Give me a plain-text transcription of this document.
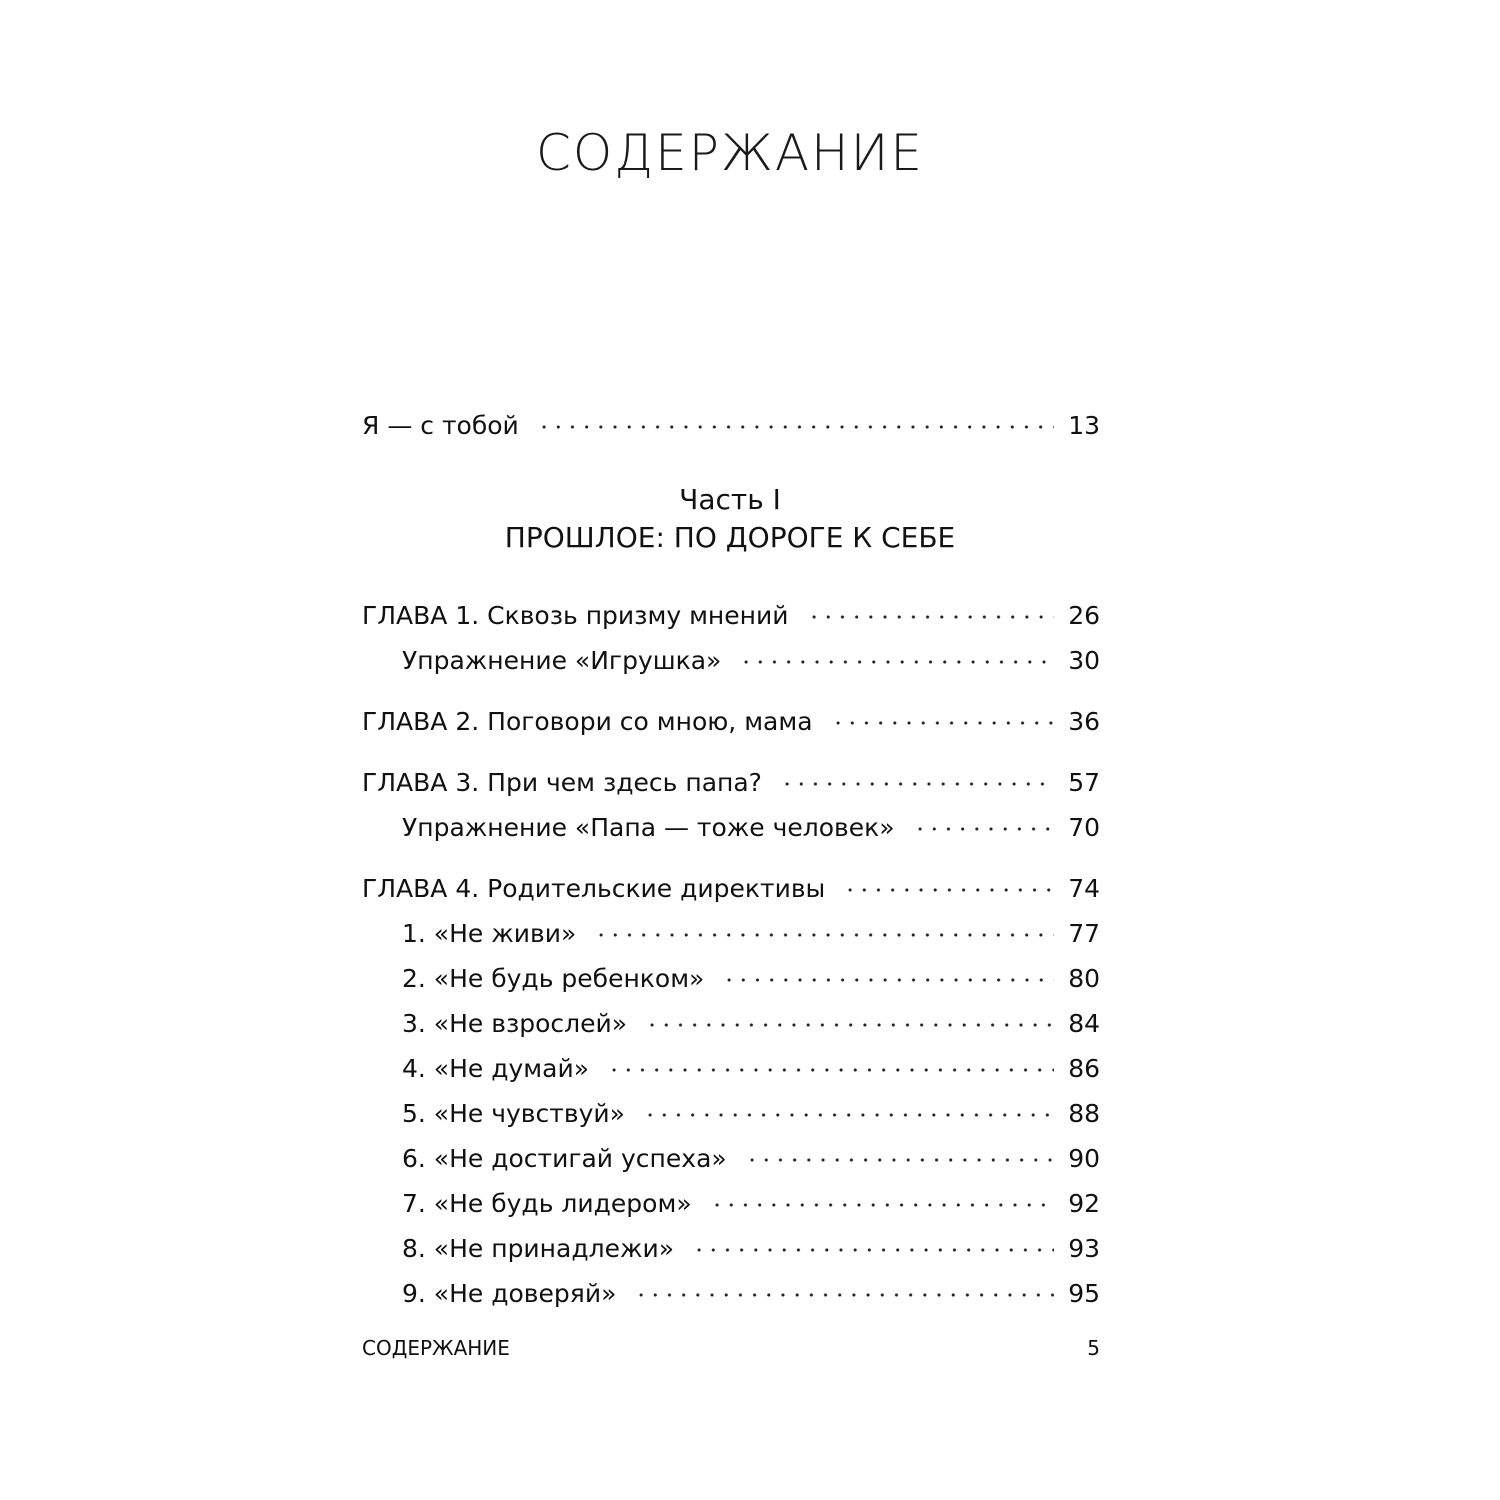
СОДЕРЖАНИЕ
Я — с тобой	13
Часть I
ПРОШЛОЕ: ПО ДОРОГЕ К СЕБЕ
ГЛАВА 1. Сквозь призму мнений	26
Упражнение «Игрушка»	30
ГЛАВА 2. Поговори со мною, мама	36
ГЛАВА 3. При чем здесь папа?	57
Упражнение «Папа — тоже человек»	70
ГЛАВА 4. Родительские директивы	74
1. «Не живи»	77
2. «Не будь ребенком»	80
3. «Не взрослей»	84
4. «Не думай»	86
5. «Не чувствуй»	88
6. «Не достигай успеха»	90
7. «Не будь лидером»	92
8. «Не принадлежи»	93
9. «Не доверяй»	95
СОДЕРЖАНИЕ	5
